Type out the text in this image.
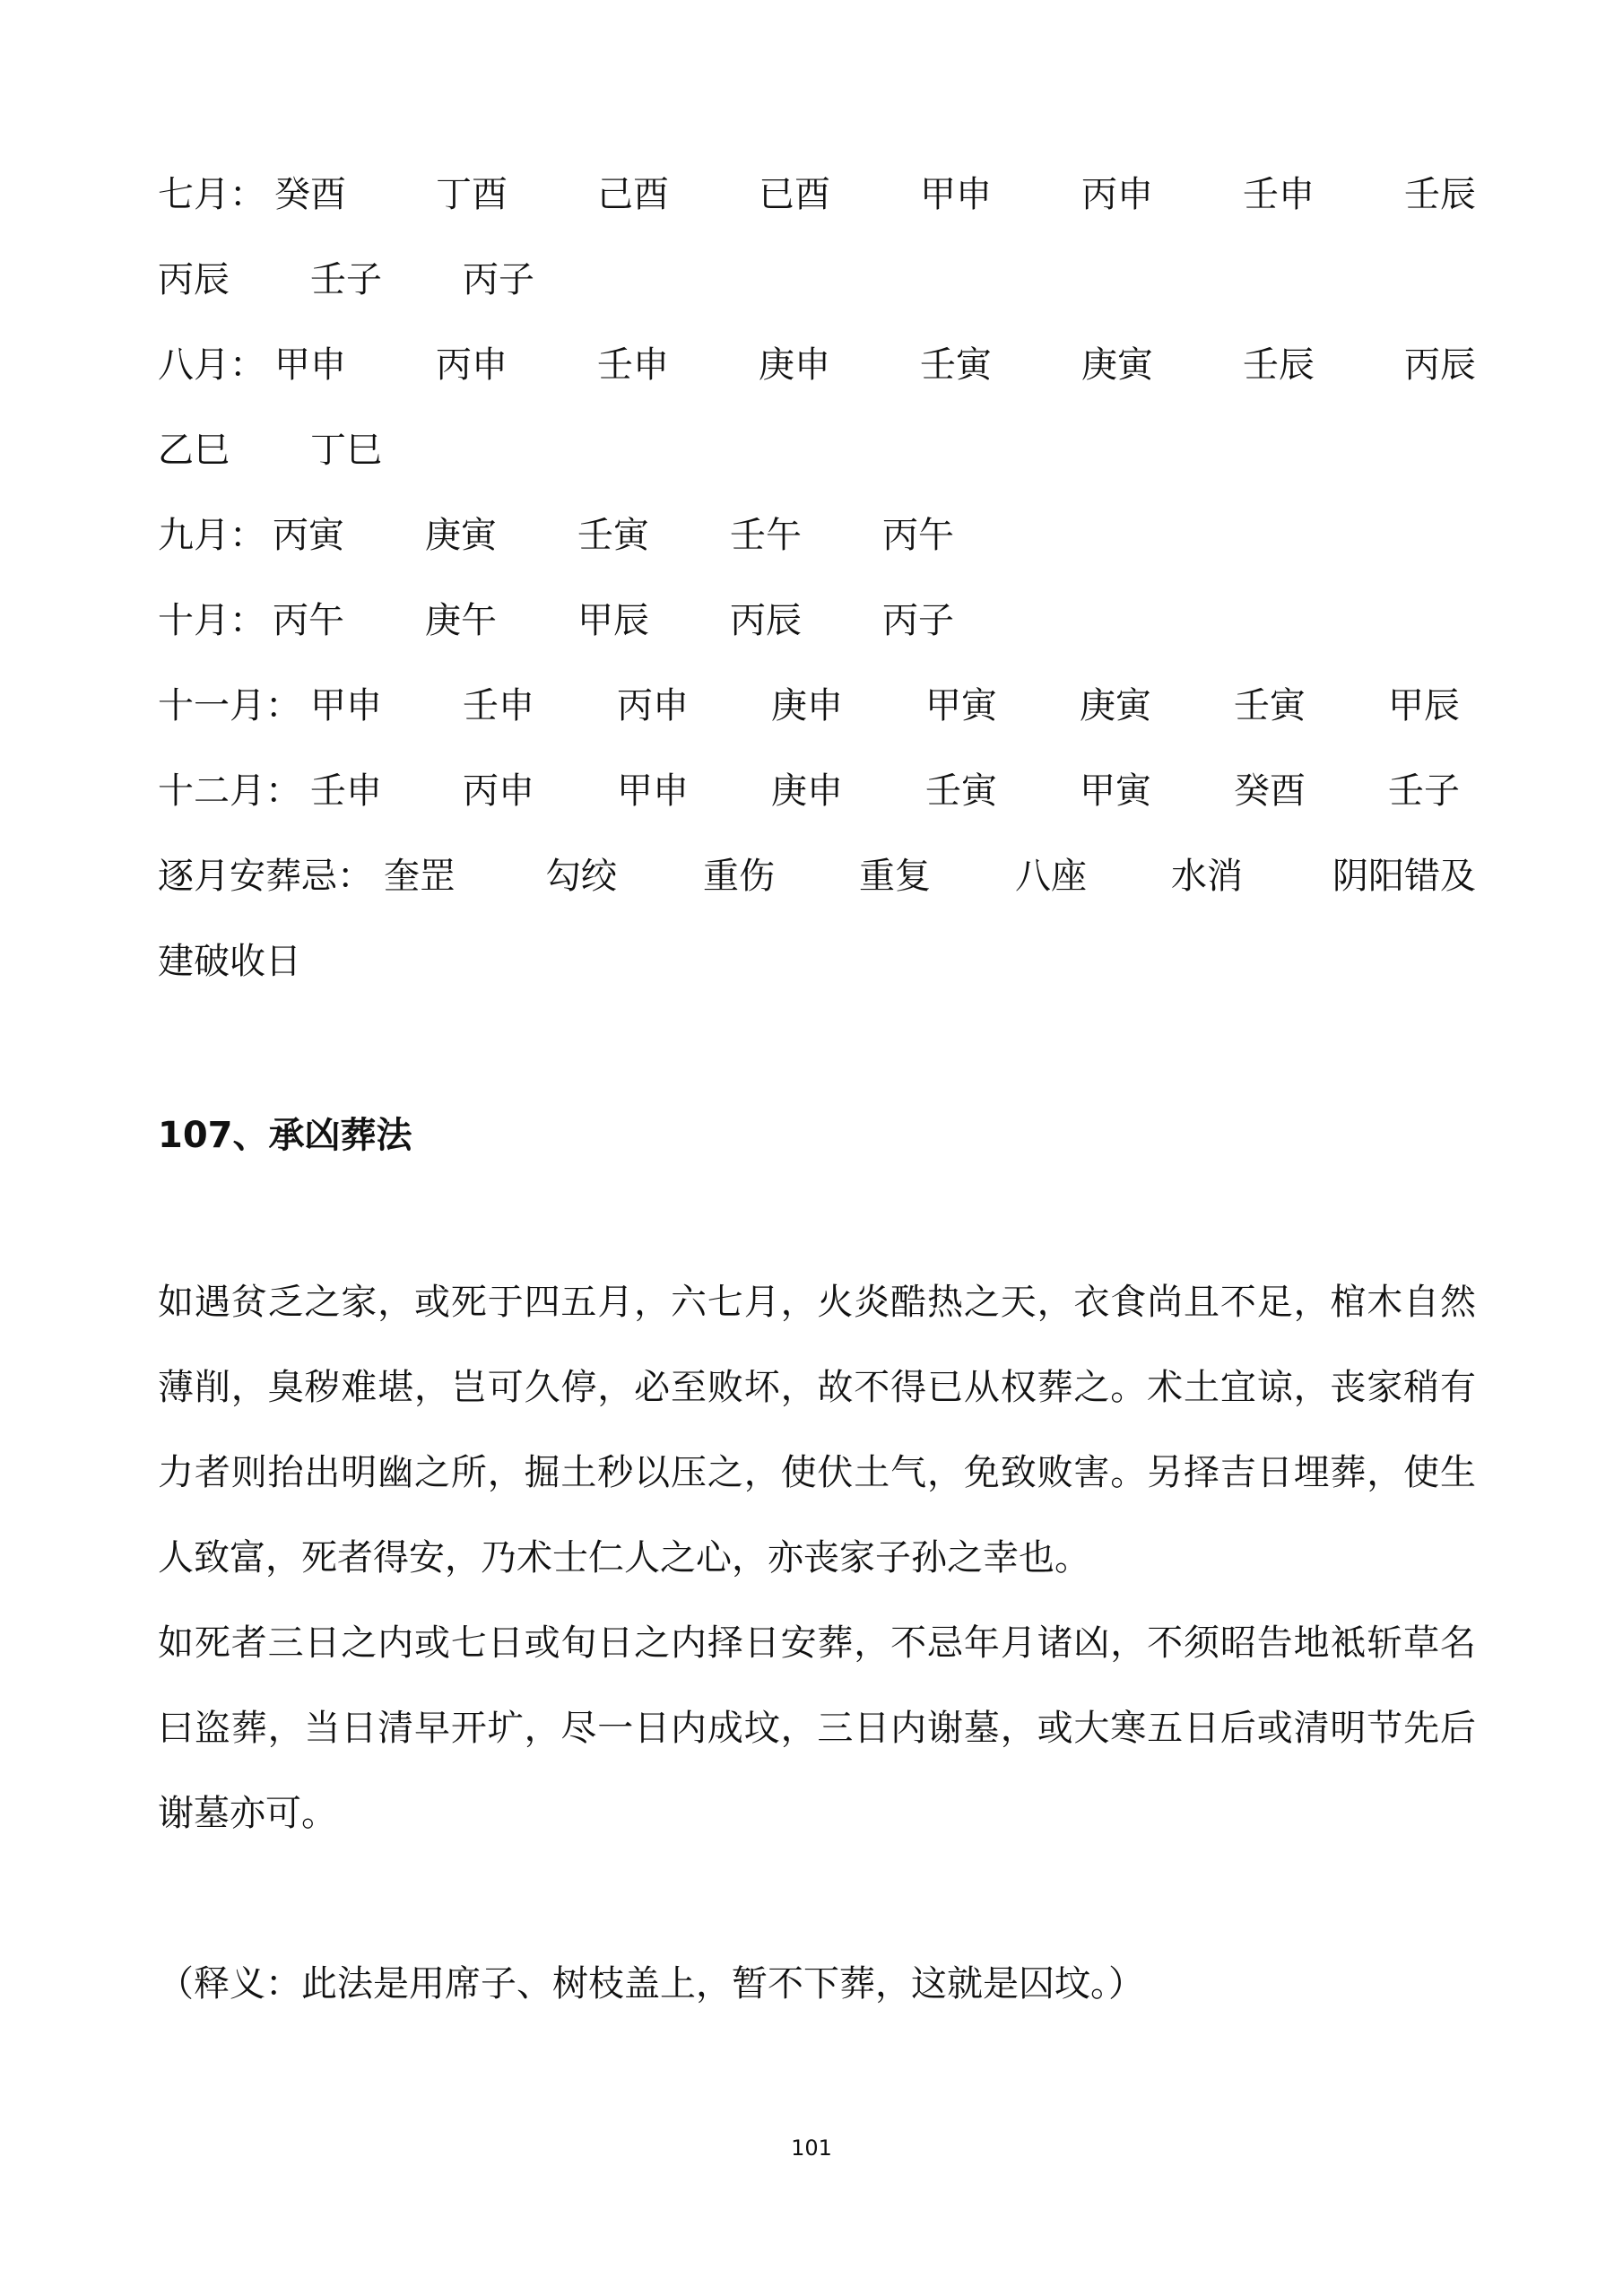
七月： 癸酉	丁酉	己酉	已酉	甲申	丙申	壬申	壬辰
丙辰 壬子 丙子
八月： 甲申	丙申	壬申	庚申	壬寅	庚寅	壬辰	丙辰
乙巳 丁巳
九月： 丙寅 庚寅 壬寅 壬午 丙午
十月： 丙午 庚午 甲辰 丙辰 丙子
十一月： 甲申 壬申 丙申 庚申 甲寅 庚寅 壬寅 甲辰
十二月： 壬申 丙申 甲申 庚申 壬寅 甲寅 癸酉 壬子
逐月安葬忌： 奎罡	勾绞 重伤 重复 八座 水消	阴阳错及
建破收日
107、承凶葬法

如遇贫乏之家，或死于四五月，六七月，火炎酷热之天，衣食尚且不足，棺木自然薄削，臭秽难堪，岂可久停，必至败坏，故不得已从权葬之。术土宜谅，丧家稍有力者则抬出明幽之所，掘土秒以压之，使伏土气，免致败害。另择吉日埋葬，使生人致富，死者得安，乃术士仁人之心，亦丧家子孙之幸也。

如死者三日之内或七日或旬日之内择日安葬，不忌年月诸凶，不须昭告地袛斩草名曰盗葬，当日清早开圹，尽一日内成坟，三日内谢墓，或大寒五日后或清明节先后谢墓亦可。

（释义：此法是用席子、树枝盖上，暂不下葬，这就是囚坟。）

101
